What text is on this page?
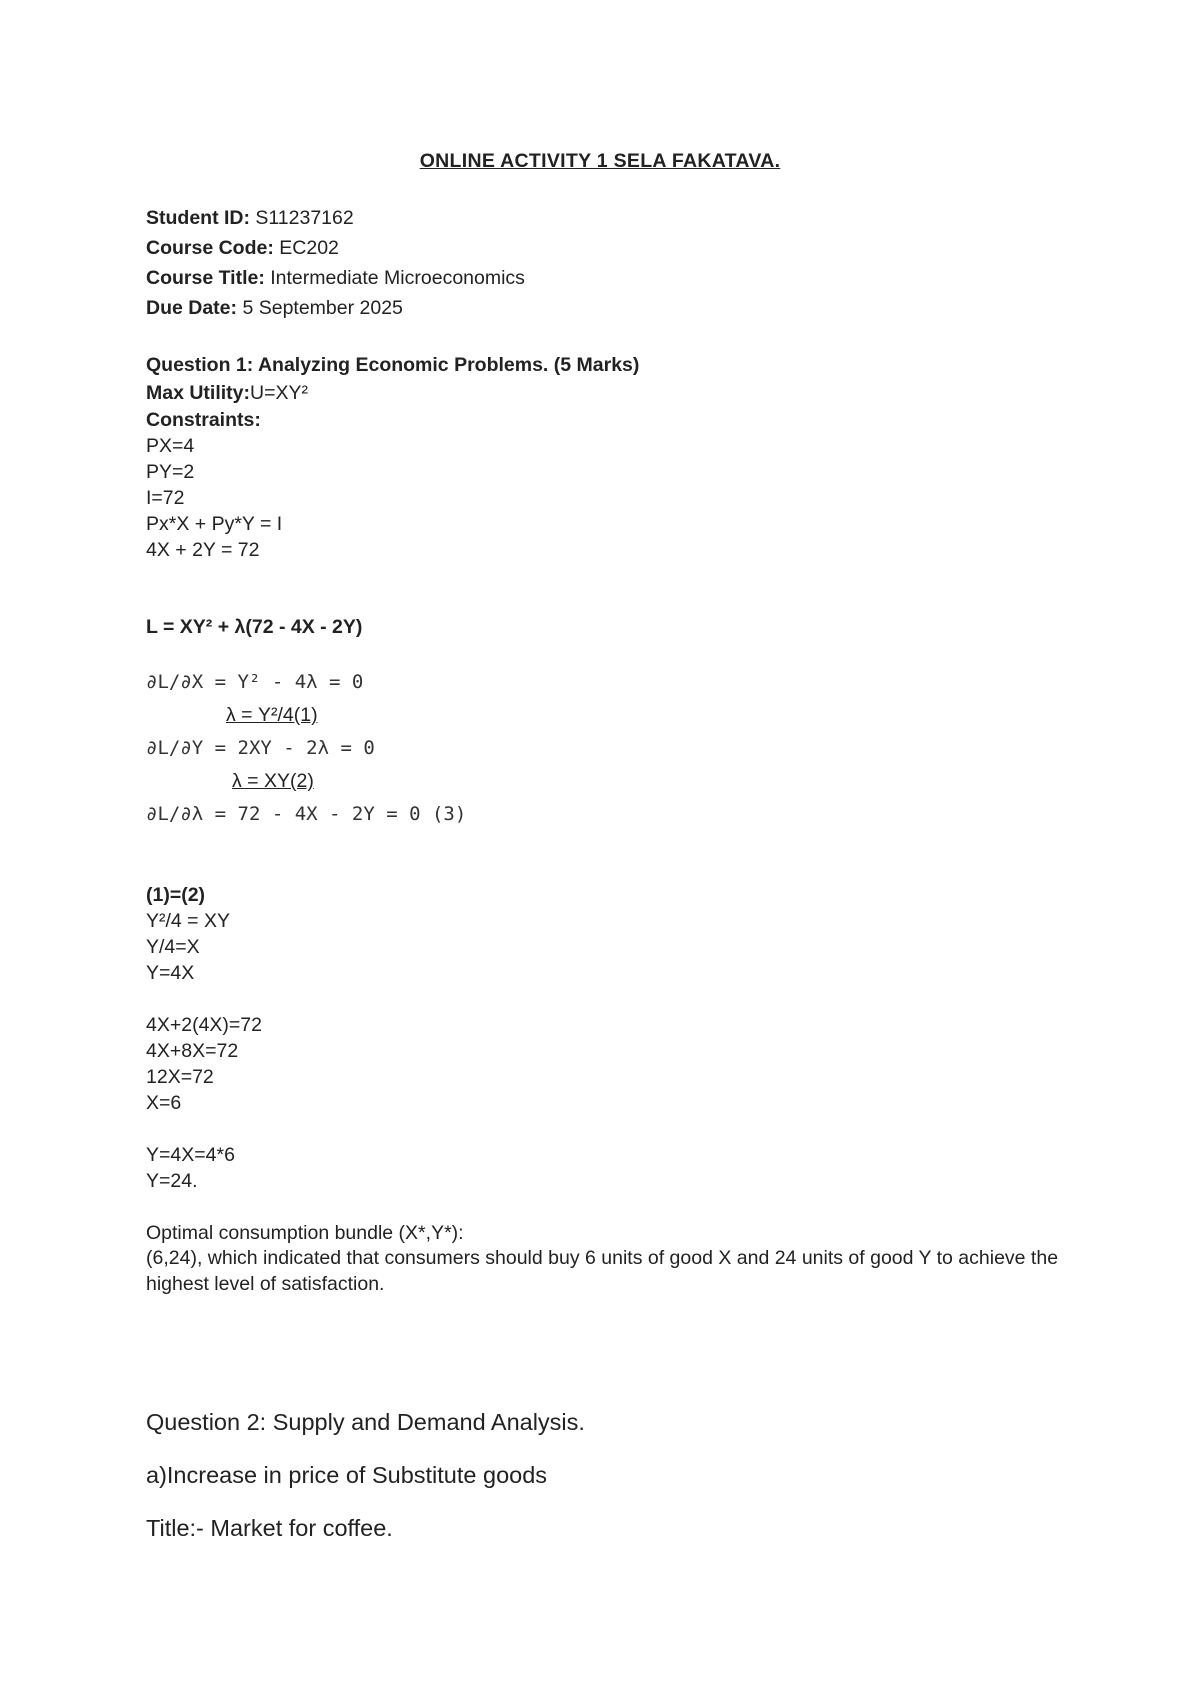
ONLINE ACTIVITY 1 SELA FAKATAVA.
Student ID: S11237162
Course Code: EC202
Course Title: Intermediate Microeconomics
Due Date: 5 September 2025
Question 1: Analyzing Economic Problems. (5 Marks)
Max Utility:U=XY²
Constraints:
PX=4
PY=2
I=72
Px*X + Py*Y = I
4X + 2Y = 72
L = XY² + λ(72 - 4X - 2Y)
∂L/∂X = Y² - 4λ = 0
λ = Y²/4(1)
∂L/∂Y = 2XY - 2λ = 0
λ = XY(2)
∂L/∂λ = 72 - 4X - 2Y = 0 (3)
(1)=(2)
Y²/4 = XY
Y/4=X
Y=4X
4X+2(4X)=72
4X+8X=72
12X=72
X=6
Y=4X=4*6
Y=24.
Optimal consumption bundle (X*,Y*):
(6,24), which indicated that consumers should buy 6 units of good X and 24 units of good Y to achieve the highest level of satisfaction.
Question 2: Supply and Demand Analysis.
a)Increase in price of Substitute goods
Title:- Market for coffee.
